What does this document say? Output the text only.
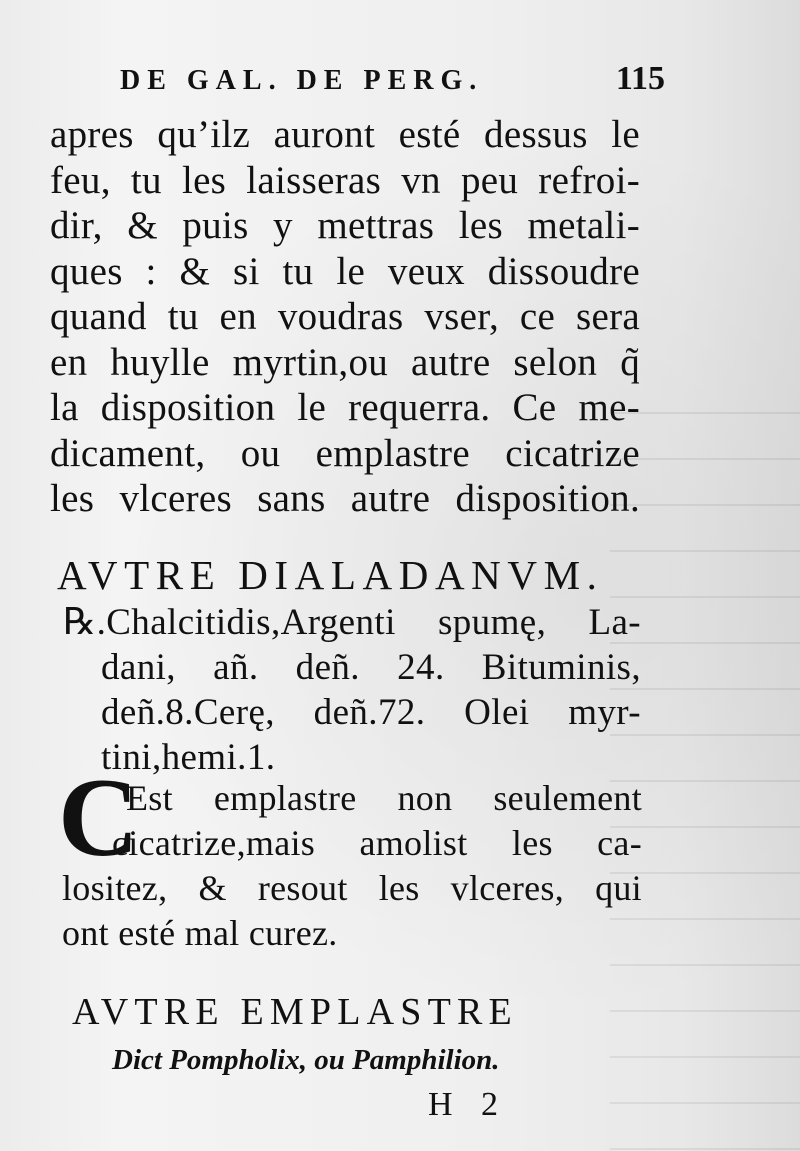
DE GAL. DE PERG.	115
apres qu’ilz auront esté dessus le
feu, tu les laisseras vn peu refroi-
dir, & puis y mettras les metali-
ques : & si tu le veux dissoudre
quand tu en voudras vser, ce sera
en huylle myrtin,ou autre selon q̃
la disposition le requerra. Ce me-
dicament, ou emplastre cicatrize
les vlceres sans autre disposition.
AVTRE DIALADANVM.
℞.Chalcitidis,Argenti spumę, La-
dani, añ. deñ. 24. Bituminis,
deñ.8.Cerę, deñ.72. Olei myr-
tini,hemi.1.
C
Est emplastre non seulement
cicatrize,mais amolist les ca-
lositez, & resout les vlceres, qui
ont esté mal curez.
AVTRE EMPLASTRE
Dict Pompholix, ou Pamphilion.
H 2
